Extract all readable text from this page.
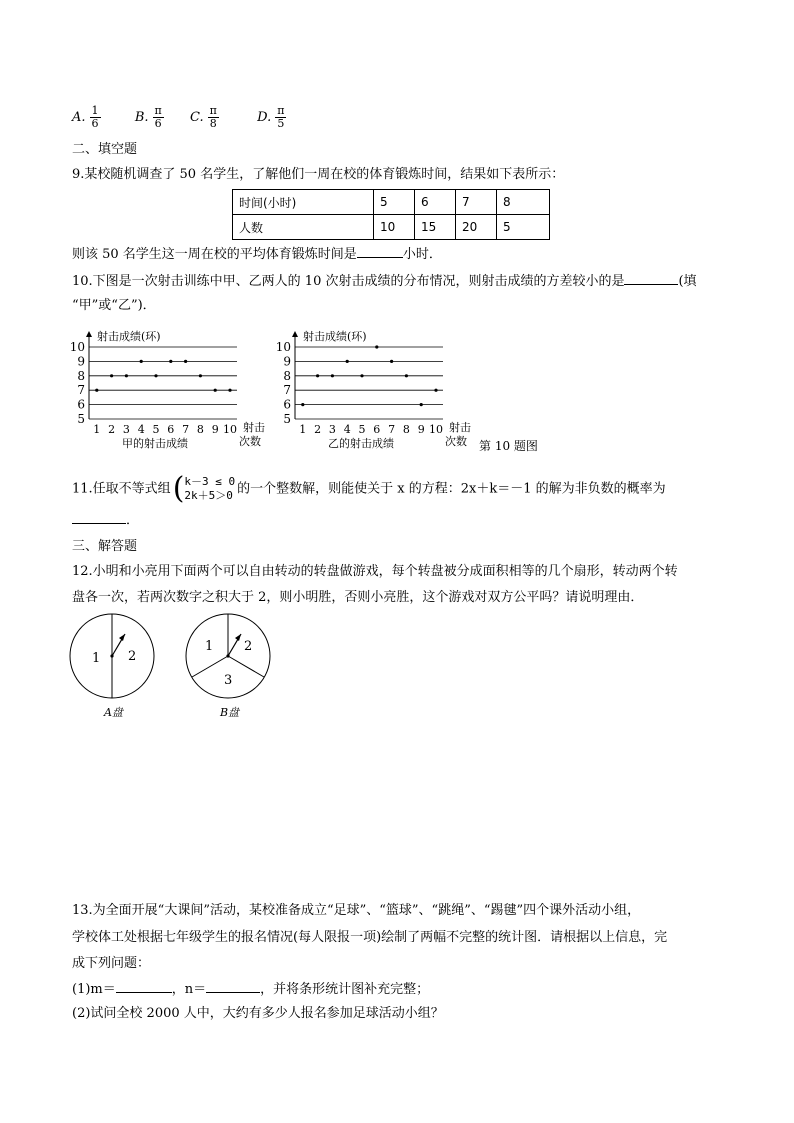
A. $\frac{1}{6}$	B. $\frac{\pi}{6} C$. $\frac{\pi}{8}$	D. $\frac{\pi}{5}$
二、填空题
9.某校随机调查了 50 名学生，了解他们一周在校的体育锻炼时间，结果如下表所示：
时间(小时)	5	6	7	8
人数	10	15	20	5
则该 50 名学生这一周在校的平均体育锻炼时间是	小时．
10.下图是一次射击训练中甲、乙两人的 10 次射击成绩的分布情况，则射击成绩的方差较小的是	(填
“甲”或“乙”)．
5
6
7
8
9
10
1 2 3 4 5 6 7 8 9 10
射击成绩(环)
射击
次数
甲的射击成绩
5
6
7
8
9
10
1 2 3 4 5 6 7 8 9 10
射击成绩(环)
射击
次数
乙的射击成绩	第 10 题图
11.任取不等式组 ( k－3 ≤ 0
2k＋5＞0 的一个整数解，则能使关于 x 的方程：2x＋k＝－1 的解为非负数的概率为
．
三、解答题
12.小明和小亮用下面两个可以自由转动的转盘做游戏，每个转盘被分成面积相等的几个扇形，转动两个转
盘各一次，若两次数字之积大于 2，则小明胜，否则小亮胜，这个游戏对双方公平吗？请说明理由．
1 2
A盘
1 2
3
B盘
13.为全面开展“大课间”活动，某校准备成立“足球”、“篮球”、“跳绳”、“踢毽”四个课外活动小组，
学校体工处根据七年级学生的报名情况(每人限报一项)绘制了两幅不完整的统计图．请根据以上信息，完
成下列问题：
(1)m＝	，n＝	，并将条形统计图补充完整；
(2)试问全校 2000 人中，大约有多少人报名参加足球活动小组？
